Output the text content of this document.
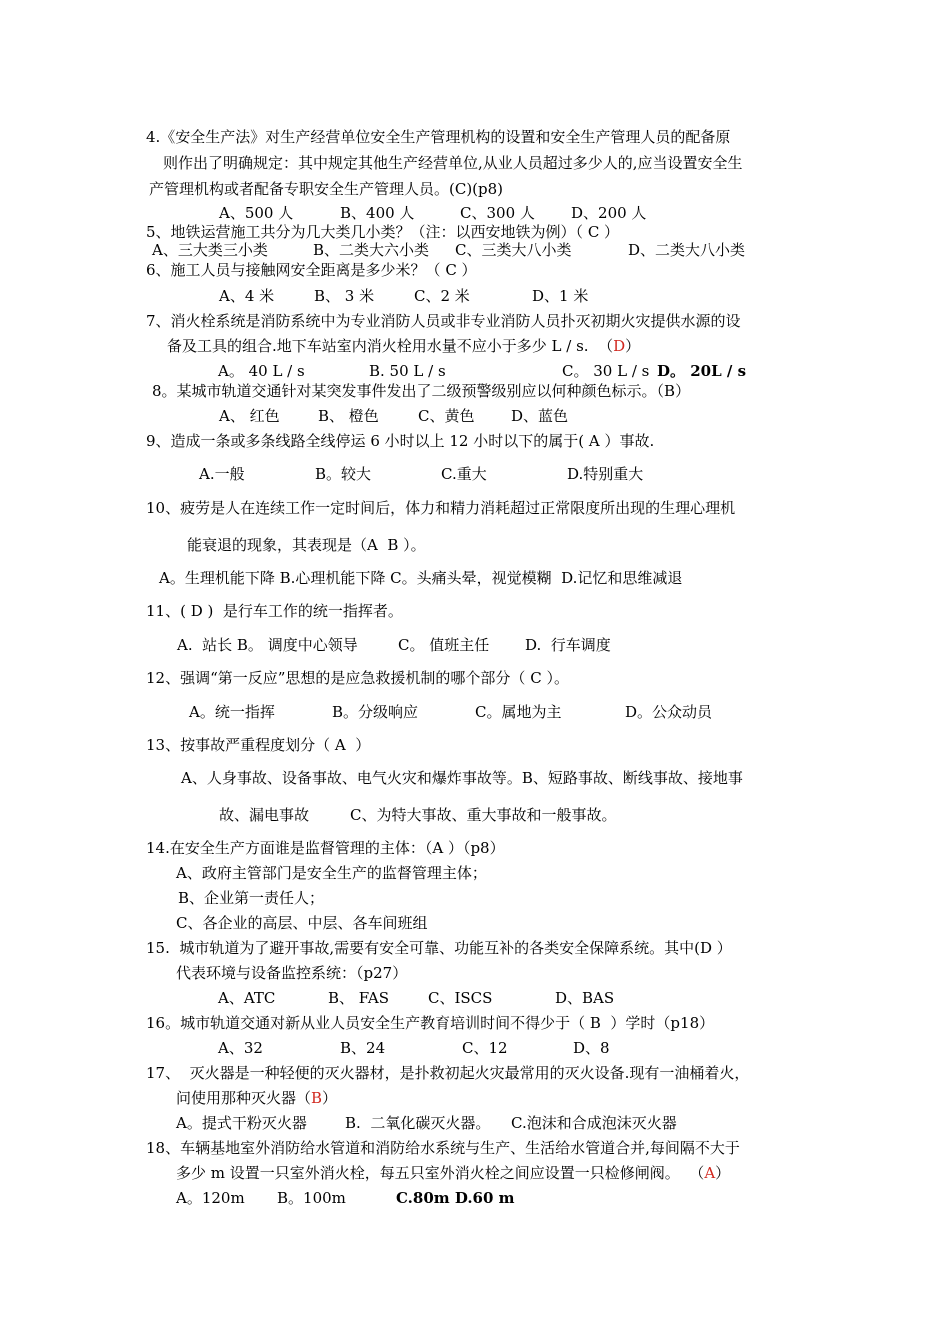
4.《安全生产法》对生产经营单位安全生产管理机构的设置和安全生产管理人员的配备原
则作出了明确规定：其中规定其他生产经营单位,从业人员超过多少人的,应当设置安全生
产管理机构或者配备专职安全生产管理人员。(C)(p8)
A、500 人	B、400 人	C、300 人 D、200 人
5、地铁运营施工共分为几大类几小类？（注：以西安地铁为例）（ C ）
A、三大类三小类	B、二类大六小类 C、三类大八小类	D、二类大八小类
6、施工人员与接触网安全距离是多少米？（ C ）
A、4 米	B、 3 米	C、2 米	D、1 米
7、消火栓系统是消防系统中为专业消防人员或非专业消防人员扑灭初期火灾提供水源的设
备及工具的组合.地下车站室内消火栓用水量不应小于多少 L / s.  （D）
A。 40 L / s	B. 50 L / s	C。 30 L / s D。 20L / s
8。某城市轨道交通针对某突发事件发出了二级预警级别应以何种颜色标示。（B）
A、 红色	B、 橙色	C、黄色 D、蓝色
9、造成一条或多条线路全线停运 6 小时以上 12 小时以下的属于( A ）事故.
A.一般	B。较大	C.重大	D.特别重大
10、疲劳是人在连续工作一定时间后，体力和精力消耗超过正常限度所出现的生理心理机
能衰退的现象，其表现是（A  B ）。
A。生理机能下降 B.心理机能下降 C。头痛头晕，视觉模糊  D.记忆和思维减退
11、( D )  是行车工作的统一指挥者。
A.  站长 B。 调度中心领导	C。 值班主任 D.  行车调度
12、强调“第一反应”思想的是应急救援机制的哪个部分（ C ）。
A。统一指挥	B。分级响应	C。属地为主	D。公众动员
13、按事故严重程度划分（ A  ）
A、人身事故、设备事故、电气火灾和爆炸事故等。B、短路事故、断线事故、接地事
故、漏电事故	C、为特大事故、重大事故和一般事故。
14.在安全生产方面谁是监督管理的主体：（A ）（p8）
A、政府主管部门是安全生产的监督管理主体；
B、企业第一责任人；
C、各企业的高层、中层、各车间班组
15.  城市轨道为了避开事故,需要有安全可靠、功能互补的各类安全保障系统。其中(D ）
代表环境与设备监控系统：（p27）
A、ATC	B、 FAS	C、ISCS	D、BAS
16。城市轨道交通对新从业人员安全生产教育培训时间不得少于（ B  ）学时（p18）
A、32	B、24	C、12	D、8
17、  灭火器是一种轻便的灭火器材，是扑救初起火灾最常用的灭火设备.现有一油桶着火，
问使用那种灭火器（B）
A。提式干粉灭火器	B.  二氧化碳灭火器。 C.泡沫和合成泡沫灭火器
18、车辆基地室外消防给水管道和消防给水系统与生产、生活给水管道合并,每间隔不大于
多少 m 设置一只室外消火栓，每五只室外消火栓之间应设置一只检修闸阀。  （A）
A。120m B。100m	C.80m D.60 m
